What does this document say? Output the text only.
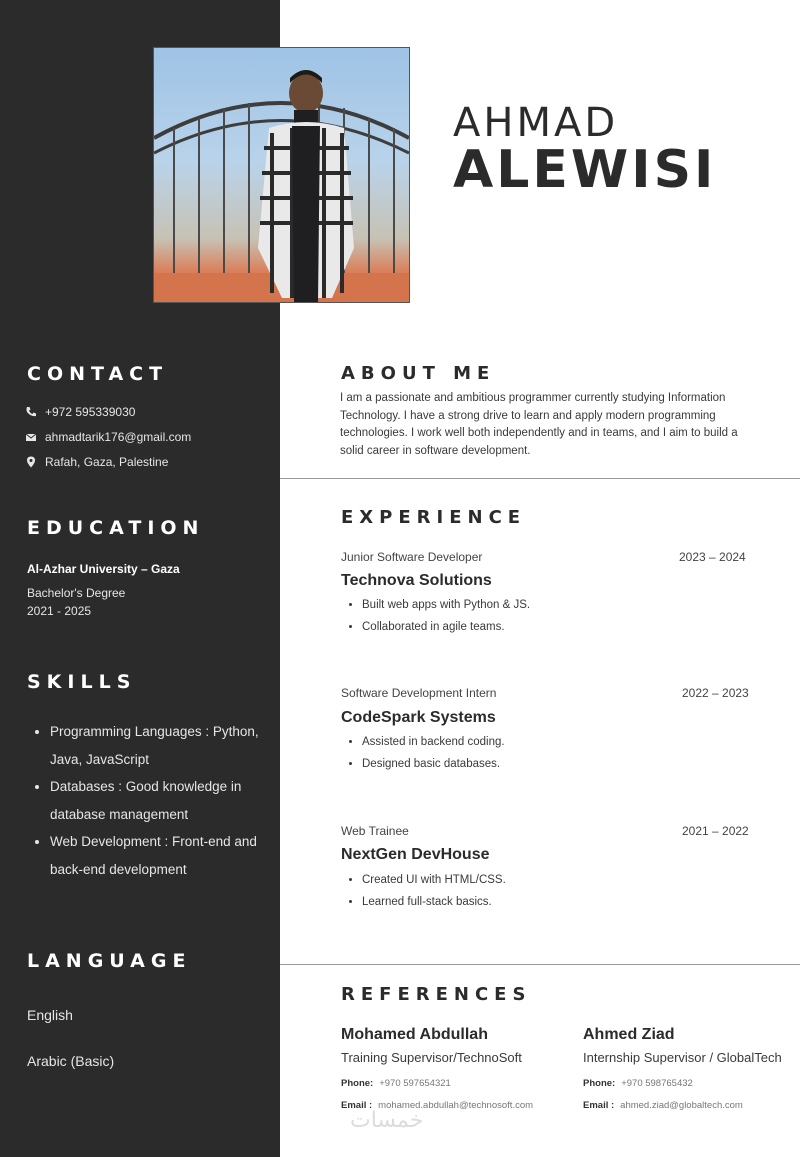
AHMAD
ALEWISI
CONTACT
+972 595339030
ahmadtarik176@gmail.com
Rafah, Gaza, Palestine
EDUCATION
Al-Azhar University – Gaza
Bachelor's Degree
2021 - 2025
SKILLS
• Programming Languages : Python, Java, JavaScript
• Databases : Good knowledge in database management
• Web Development : Front-end and back-end development
LANGUAGE
English
Arabic (Basic)
ABOUT ME
I am a passionate and ambitious programmer currently studying Information Technology. I have a strong drive to learn and apply modern programming technologies. I work well both independently and in teams, and I aim to build a solid career in software development.
EXPERIENCE
Junior Software Developer	2023 – 2024
Technova Solutions
• Built web apps with Python & JS.
• Collaborated in agile teams.
Software Development Intern	2022 – 2023
CodeSpark Systems
• Assisted in backend coding.
• Designed basic databases.
Web Trainee	2021 – 2022
NextGen DevHouse
• Created UI with HTML/CSS.
• Learned full-stack basics.
REFERENCES
Mohamed Abdullah
Training Supervisor/TechnoSoft
Phone: +970 597654321
Email : mohamed.abdullah@technosoft.com
Ahmed Ziad
Internship Supervisor / GlobalTech
Phone: +970 598765432
Email : ahmed.ziad@globaltech.com
خمسات
